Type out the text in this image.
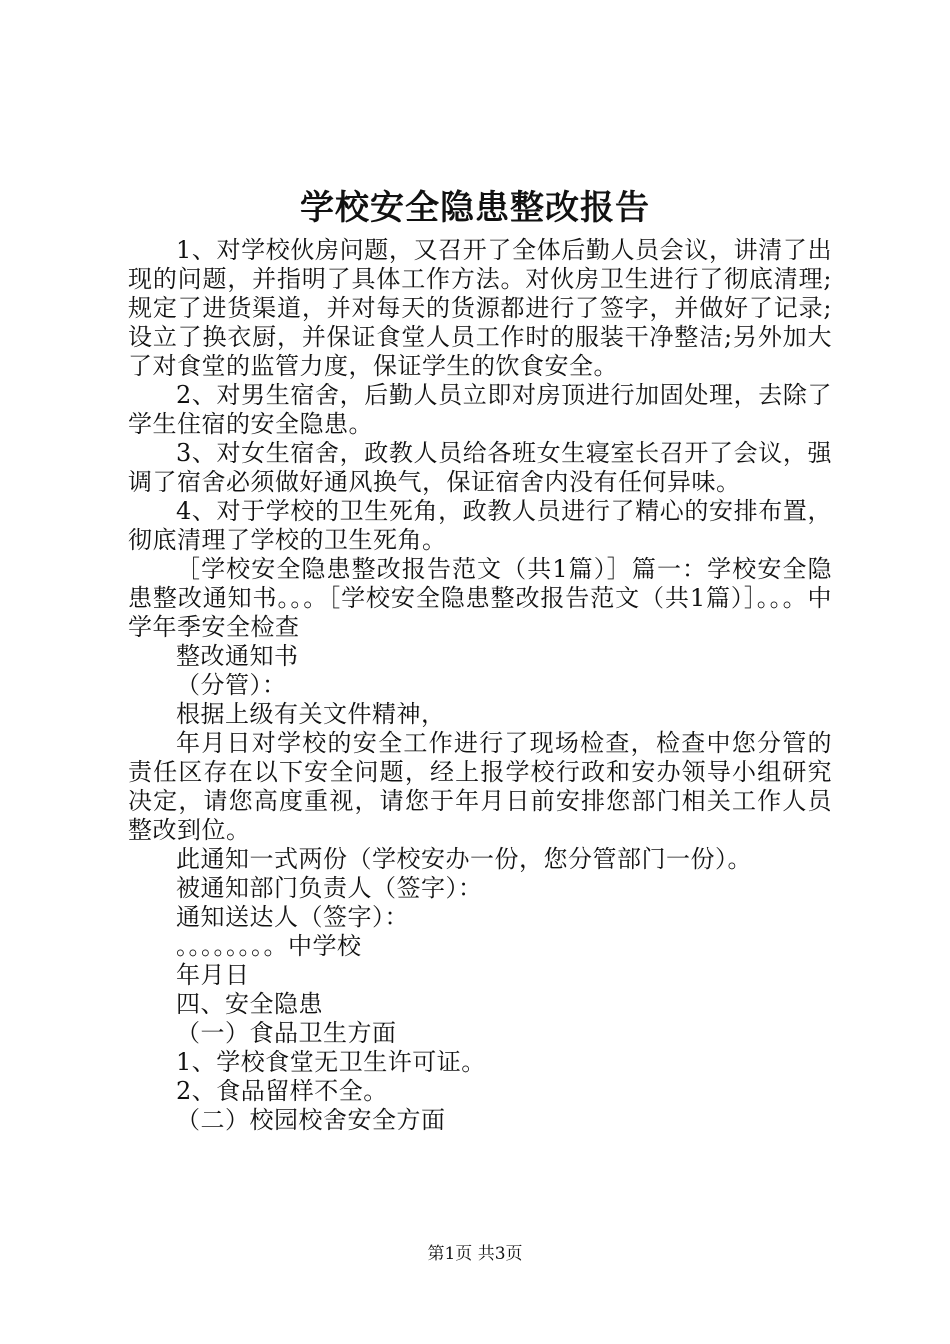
学校安全隐患整改报告

1、对学校伙房问题，又召开了全体后勤人员会议，讲清了出现的问题，并指明了具体工作方法。对伙房卫生进行了彻底清理;规定了进货渠道，并对每天的货源都进行了签字，并做好了记录;设立了换衣厨，并保证食堂人员工作时的服装干净整洁;另外加大了对食堂的监管力度，保证学生的饮食安全。

2、对男生宿舍，后勤人员立即对房顶进行加固处理，去除了学生住宿的安全隐患。

3、对女生宿舍，政教人员给各班女生寝室长召开了会议，强调了宿舍必须做好通风换气，保证宿舍内没有任何异味。

4、对于学校的卫生死角，政教人员进行了精心的安排布置，彻底清理了学校的卫生死角。

［学校安全隐患整改报告范文（共1篇）］篇一：学校安全隐患整改通知书。。。［学校安全隐患整改报告范文（共1篇）］。。。中学年季安全检查

整改通知书

（分管）：

根据上级有关文件精神，

年月日对学校的安全工作进行了现场检查，检查中您分管的责任区存在以下安全问题，经上报学校行政和安办领导小组研究决定，请您高度重视，请您于年月日前安排您部门相关工作人员整改到位。

此通知一式两份（学校安办一份，您分管部门一份）。

被通知部门负责人（签字）：

通知送达人（签字）：

。。。。。。。。中学校

年月日

四、安全隐患

（一）食品卫生方面

1、学校食堂无卫生许可证。

2、食品留样不全。

（二）校园校舍安全方面

第1页 共3页
